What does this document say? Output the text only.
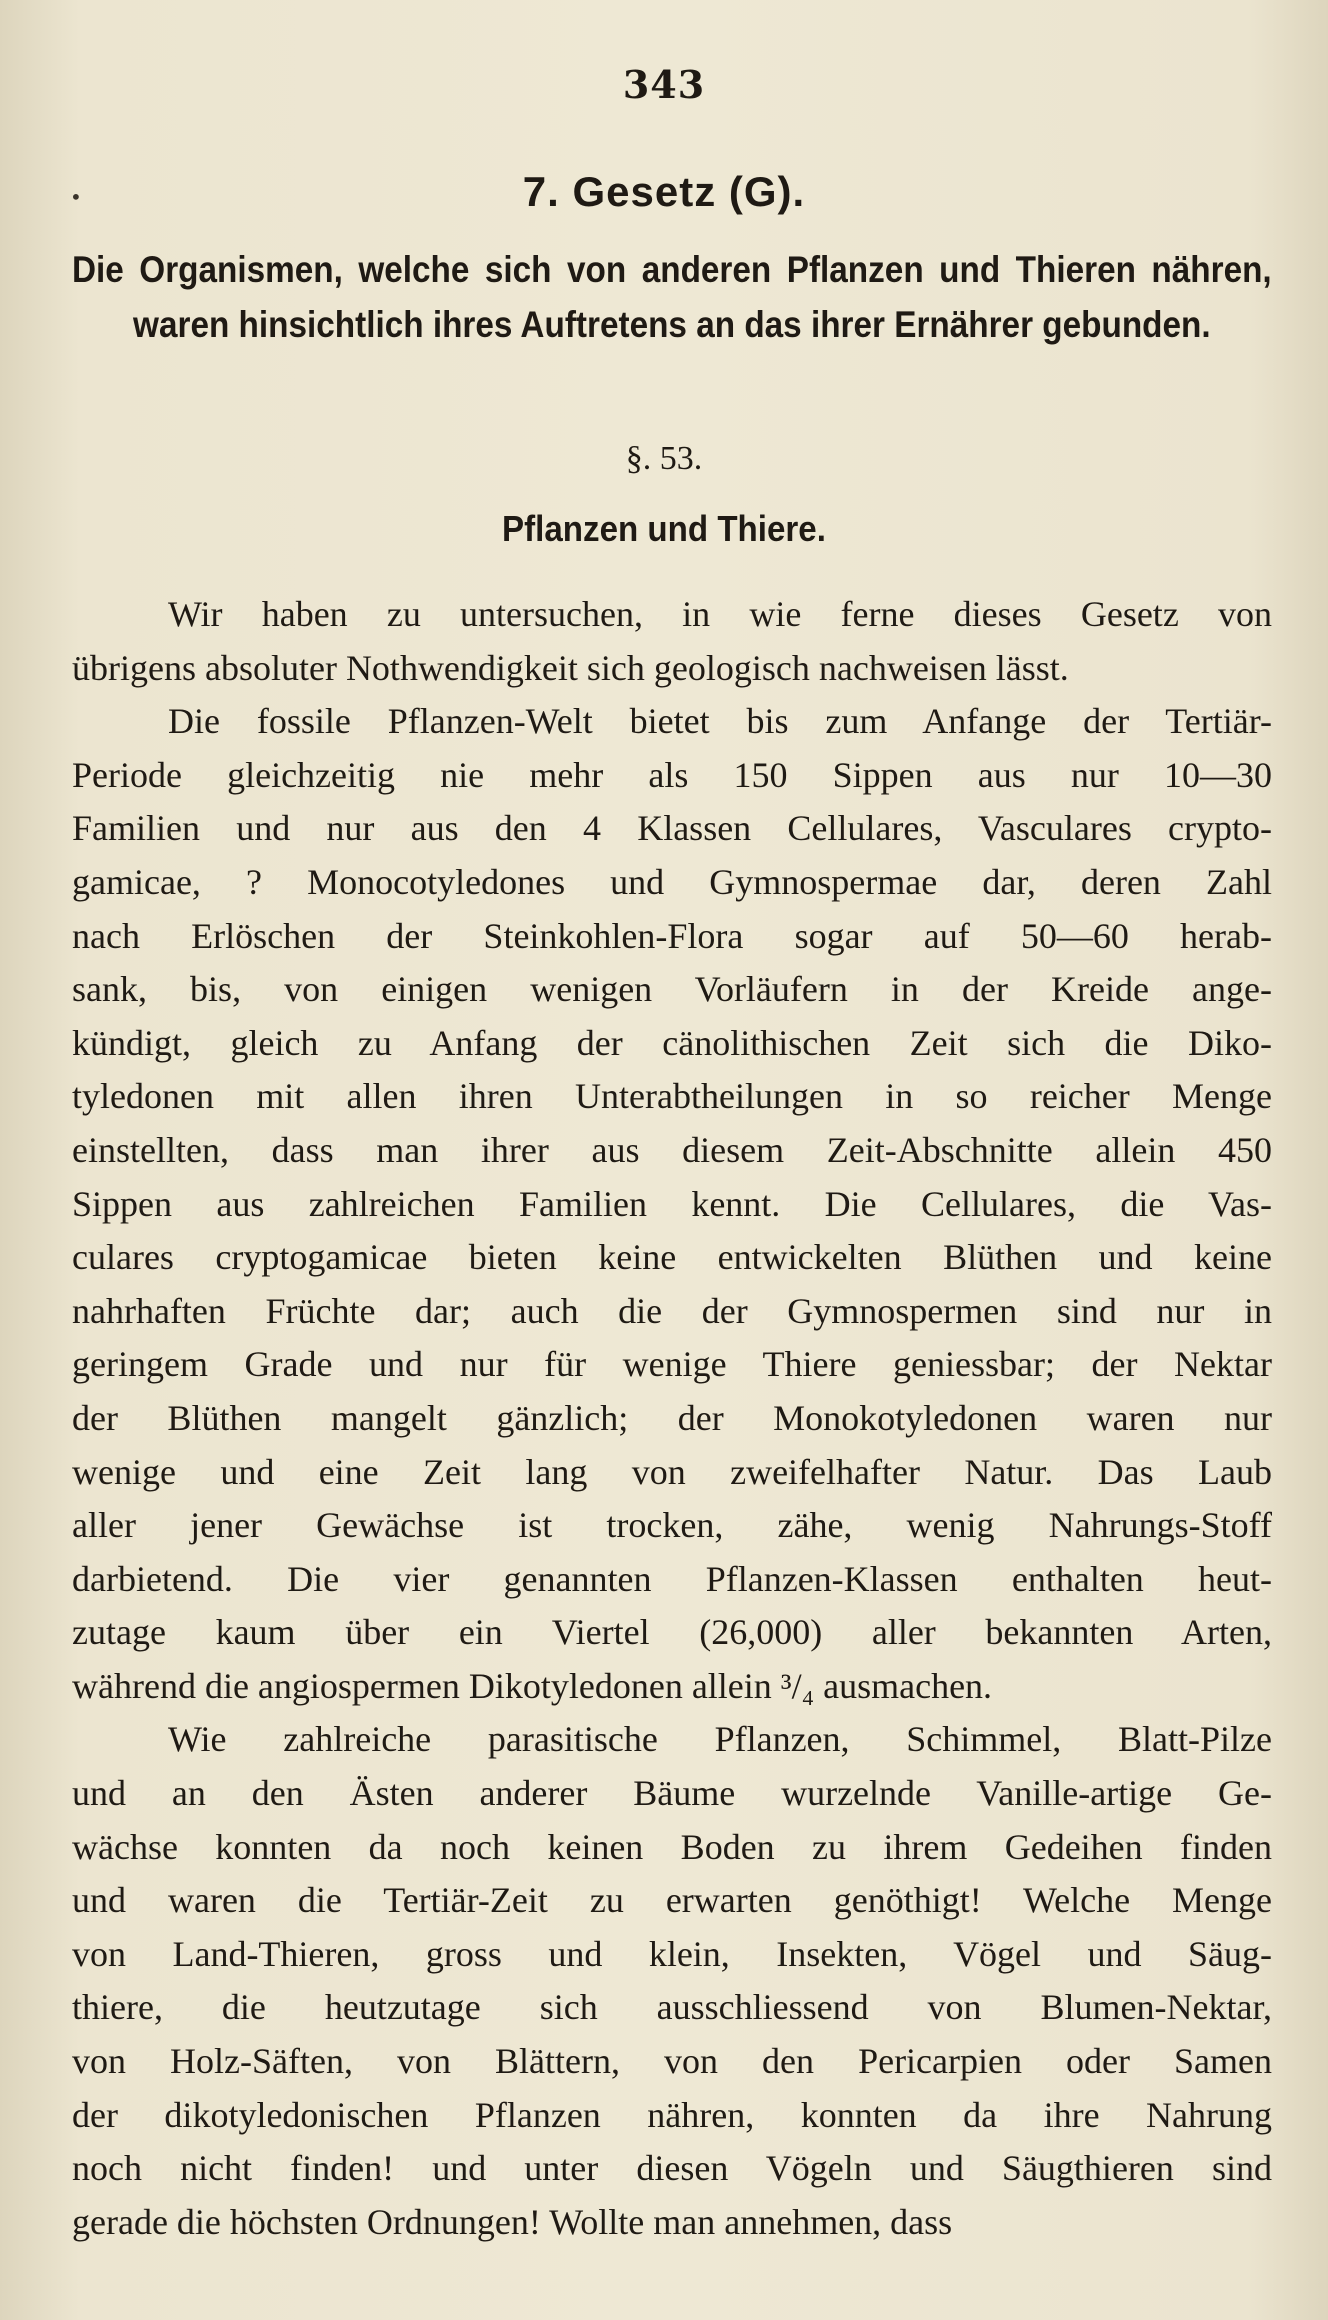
343
•	7. Gesetz (G).
Die Organismen, welche sich von anderen Pflanzen und Thieren nähren, waren hinsichtlich ihres Auftretens an das ihrer Ernährer gebunden.
§. 53.
Pflanzen und Thiere.
Wir haben zu untersuchen, in wie ferne dieses Gesetz von
übrigens absoluter Nothwendigkeit sich geologisch nachweisen lässt.
Die fossile Pflanzen-Welt bietet bis zum Anfange der Tertiär-
Periode gleichzeitig nie mehr als 150 Sippen aus nur 10—30
Familien und nur aus den 4 Klassen Cellulares, Vasculares crypto-
gamicae, ? Monocotyledones und Gymnospermae dar, deren Zahl
nach Erlöschen der Steinkohlen-Flora sogar auf 50—60 herab-
sank, bis, von einigen wenigen Vorläufern in der Kreide ange-
kündigt, gleich zu Anfang der cänolithischen Zeit sich die Diko-
tyledonen mit allen ihren Unterabtheilungen in so reicher Menge
einstellten, dass man ihrer aus diesem Zeit-Abschnitte allein 450
Sippen aus zahlreichen Familien kennt. Die Cellulares, die Vas-
culares cryptogamicae bieten keine entwickelten Blüthen und keine
nahrhaften Früchte dar; auch die der Gymnospermen sind nur in
geringem Grade und nur für wenige Thiere geniessbar; der Nektar
der Blüthen mangelt gänzlich; der Monokotyledonen waren nur
wenige und eine Zeit lang von zweifelhafter Natur. Das Laub
aller jener Gewächse ist trocken, zähe, wenig Nahrungs-Stoff
darbietend. Die vier genannten Pflanzen-Klassen enthalten heut-
zutage kaum über ein Viertel (26,000) aller bekannten Arten,
während die angiospermen Dikotyledonen allein ³/₄ ausmachen.
Wie zahlreiche parasitische Pflanzen, Schimmel, Blatt-Pilze
und an den Ästen anderer Bäume wurzelnde Vanille-artige Ge-
wächse konnten da noch keinen Boden zu ihrem Gedeihen finden
und waren die Tertiär-Zeit zu erwarten genöthigt! Welche Menge
von Land-Thieren, gross und klein, Insekten, Vögel und Säug-
thiere, die heutzutage sich ausschliessend von Blumen-Nektar,
von Holz-Säften, von Blättern, von den Pericarpien oder Samen
der dikotyledonischen Pflanzen nähren, konnten da ihre Nahrung
noch nicht finden! und unter diesen Vögeln und Säugthieren sind
gerade die höchsten Ordnungen! Wollte man annehmen, dass
